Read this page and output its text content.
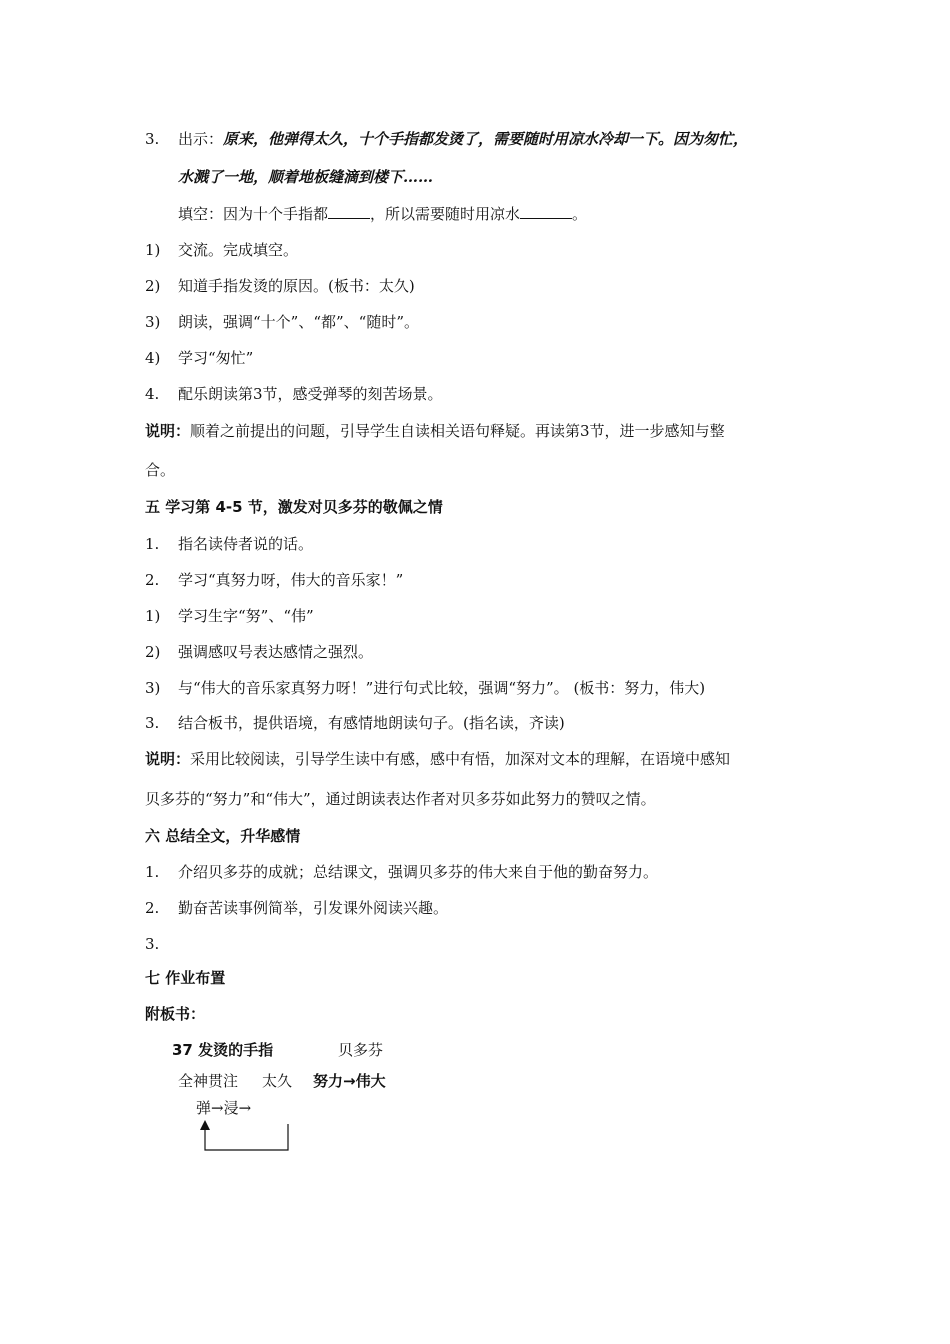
3. 出示：原来，他弹得太久，十个手指都发烫了，需要随时用凉水冷却一下。因为匆忙，
水溅了一地，顺着地板缝滴到楼下……
填空：因为十个手指都	，所以需要随时用凉水	。
1) 交流。完成填空。
2) 知道手指发烫的原因。(板书：太久)
3) 朗读，强调“十个”、“都”、“随时”。
4) 学习“匆忙”
4. 配乐朗读第3节，感受弹琴的刻苦场景。
说明：顺着之前提出的问题，引导学生自读相关语句释疑。再读第3节，进一步感知与整
合。
五 学习第 4-5 节，激发对贝多芬的敬佩之情
1. 指名读侍者说的话。
2. 学习“真努力呀，伟大的音乐家！”
1) 学习生字“努”、“伟”
2) 强调感叹号表达感情之强烈。
3) 与“伟大的音乐家真努力呀！”进行句式比较，强调“努力”。 (板书：努力，伟大)
3. 结合板书，提供语境，有感情地朗读句子。(指名读，齐读)
说明：采用比较阅读，引导学生读中有感，感中有悟，加深对文本的理解，在语境中感知
贝多芬的“努力”和“伟大”，通过朗读表达作者对贝多芬如此努力的赞叹之情。
六 总结全文，升华感情
1. 介绍贝多芬的成就；总结课文，强调贝多芬的伟大来自于他的勤奋努力。
2. 勤奋苦读事例简举，引发课外阅读兴趣。
3.
七 作业布置
附板书：
37 发烫的手指	贝多芬
全神贯注 太久 努力→伟大
弹→浸→
